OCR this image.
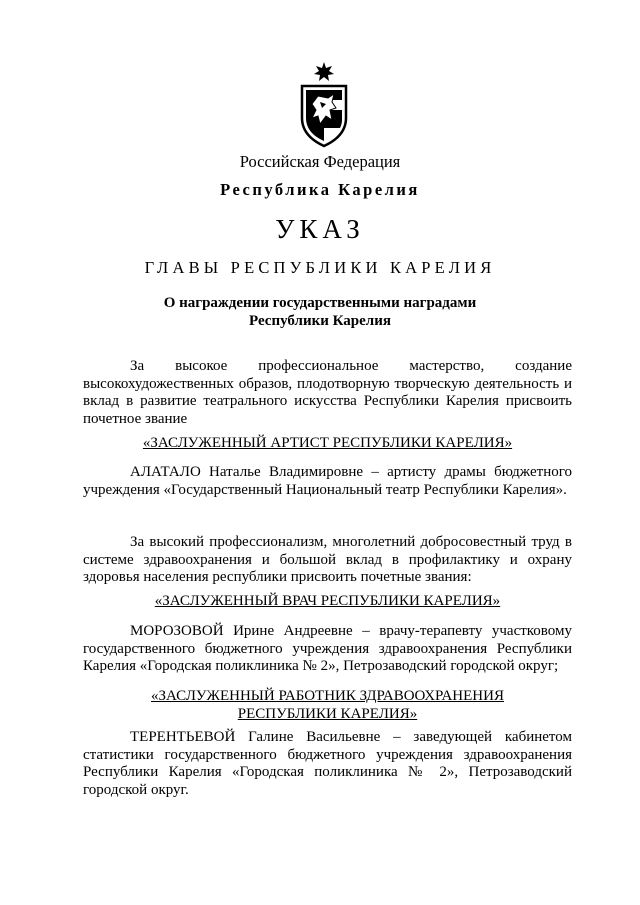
Российская Федерация
Республика Карелия
УКАЗ
ГЛАВЫ РЕСПУБЛИКИ КАРЕЛИЯ
О награждении государственными наградами
Республики Карелия
За высокое профессиональное мастерство, создание высокохудожественных образов, плодотворную творческую деятельность и вклад в развитие театрального искусства Республики Карелия присвоить почетное звание
«ЗАСЛУЖЕННЫЙ АРТИСТ РЕСПУБЛИКИ КАРЕЛИЯ»
АЛАТАЛО Наталье Владимировне – артисту драмы бюджетного учреждения «Государственный Национальный театр Республики Карелия».
За высокий профессионализм, многолетний добросовестный труд в системе здравоохранения и большой вклад в профилактику и охрану здоровья населения республики присвоить почетные звания:
«ЗАСЛУЖЕННЫЙ ВРАЧ РЕСПУБЛИКИ КАРЕЛИЯ»
МОРОЗОВОЙ Ирине Андреевне – врачу-терапевту участковому государственного бюджетного учреждения здравоохранения Республики Карелия «Городская поликлиника № 2», Петрозаводский городской округ;
«ЗАСЛУЖЕННЫЙ РАБОТНИК ЗДРАВООХРАНЕНИЯ
РЕСПУБЛИКИ КАРЕЛИЯ»
ТЕРЕНТЬЕВОЙ Галине Васильевне – заведующей кабинетом статистики государственного бюджетного учреждения здравоохранения Республики Карелия «Городская поликлиника № 2», Петрозаводский городской округ.
